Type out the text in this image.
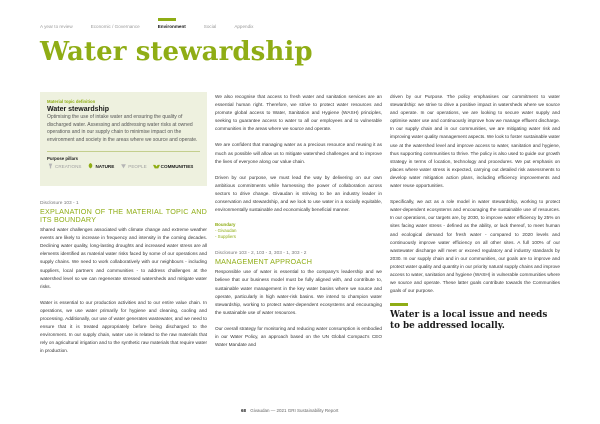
A year to review	Economic / Governance	Environment	Social	Appendix
Water stewardship
Material topic definition
Water stewardship
Optimising the use of intake water and ensuring the quality of discharged water. Assessing and addressing water risks at owned operations and in our supply chain to minimise impact on the environment and society in the areas where we source and operate.
Purpose pillars
CREATIONS	NATURE	PEOPLE	COMMUNITIES
Disclosure 103 - 1
EXPLANATION OF THE MATERIAL TOPIC AND ITS BOUNDARY

Shared water challenges associated with climate change and extreme weather events are likely to increase in frequency and intensity in the coming decades. Declining water quality, long-lasting droughts and increased water stress are all elements identified as material water risks faced by some of our operations and supply chains. We need to work collaboratively with our neighbours - including suppliers, local partners and communities - to address challenges at the watershed level so we can regenerate stressed watersheds and mitigate water risks.

Water is essential to our production activities and to our entire value chain. In operations, we use water primarily for hygiene and cleaning, cooling and processing. Additionally, our use of water generates wastewater, and we need to ensure that it is treated appropriately before being discharged to the environment. In our supply chain, water use is related to the raw materials that rely on agricultural irrigation and to the synthetic raw materials that require water in production.

We also recognise that access to fresh water and sanitation services are an essential human right. Therefore, we strive to protect water resources and promote global access to Water, Sanitation and Hygiene (WASH) principles, seeking to guarantee access to water to all our employees and to vulnerable communities in the areas where we source and operate.

We are confident that managing water as a precious resource and reusing it as much as possible will allow us to mitigate watershed challenges and to improve the lives of everyone along our value chain.

Driven by our purpose, we must lead the way by delivering on our own ambitious commitments while harnessing the power of collaboration across sectors to drive change. Givaudan is striving to be an industry leader in conservation and stewardship, and we look to use water in a socially equitable, environmentally sustainable and economically beneficial manner.

Boundary
- Givaudan
- Suppliers
Disclosure 103 - 2, 103 - 3, 303 - 1, 303 - 2
MANAGEMENT APPROACH

Responsible use of water is essential to the company's leadership and we believe that our business model must be fully aligned with, and contribute to, sustainable water management in the key water basins where we source and operate, particularly in high water-risk basins. We intend to champion water stewardship, working to protect water-dependent ecosystems and encouraging the sustainable use of water resources.

Our overall strategy for monitoring and reducing water consumption is embodied in our Water Policy, an approach based on the UN Global Compact's CEO Water Mandate and

driven by our Purpose. The policy emphasises our commitment to water stewardship: we strive to drive a positive impact in watersheds where we source and operate. In our operations, we are looking to secure water supply and optimise water use and continuously improve how we manage effluent discharge. In our supply chain and in our communities, we are mitigating water risk and improving water quality management aspects. We look to foster sustainable water use at the watershed level and improve access to water, sanitation and hygiene, thus supporting communities to thrive. The policy is also used to guide our growth strategy in terms of location, technology and procedures. We put emphasis on places where water stress is expected, carrying out detailed risk assessments to develop water mitigation action plans, including efficiency improvements and water reuse opportunities.

Specifically, we act as a role model in water stewardship, working to protect water-dependent ecosystems and encouraging the sustainable use of resources. In our operations, our targets are, by 2030, to improve water efficiency by 25% on sites facing water stress - defined as the ability, or lack thereof, to meet human and ecological demand for fresh water - compared to 2020 levels and continuously improve water efficiency on all other sites. A full 100% of our wastewater discharge will meet or exceed regulatory and industry standards by 2030. In our supply chain and in our communities, our goals are to improve and protect water quality and quantity in our priority natural supply chains and improve access to water, sanitation and hygiene (WASH) in vulnerable communities where we source and operate. These latter goals contribute towards the Communities goals of our purpose.

Water is a local issue and needs to be addressed locally.
68 Givaudan — 2021 GRI Sustainability Report
